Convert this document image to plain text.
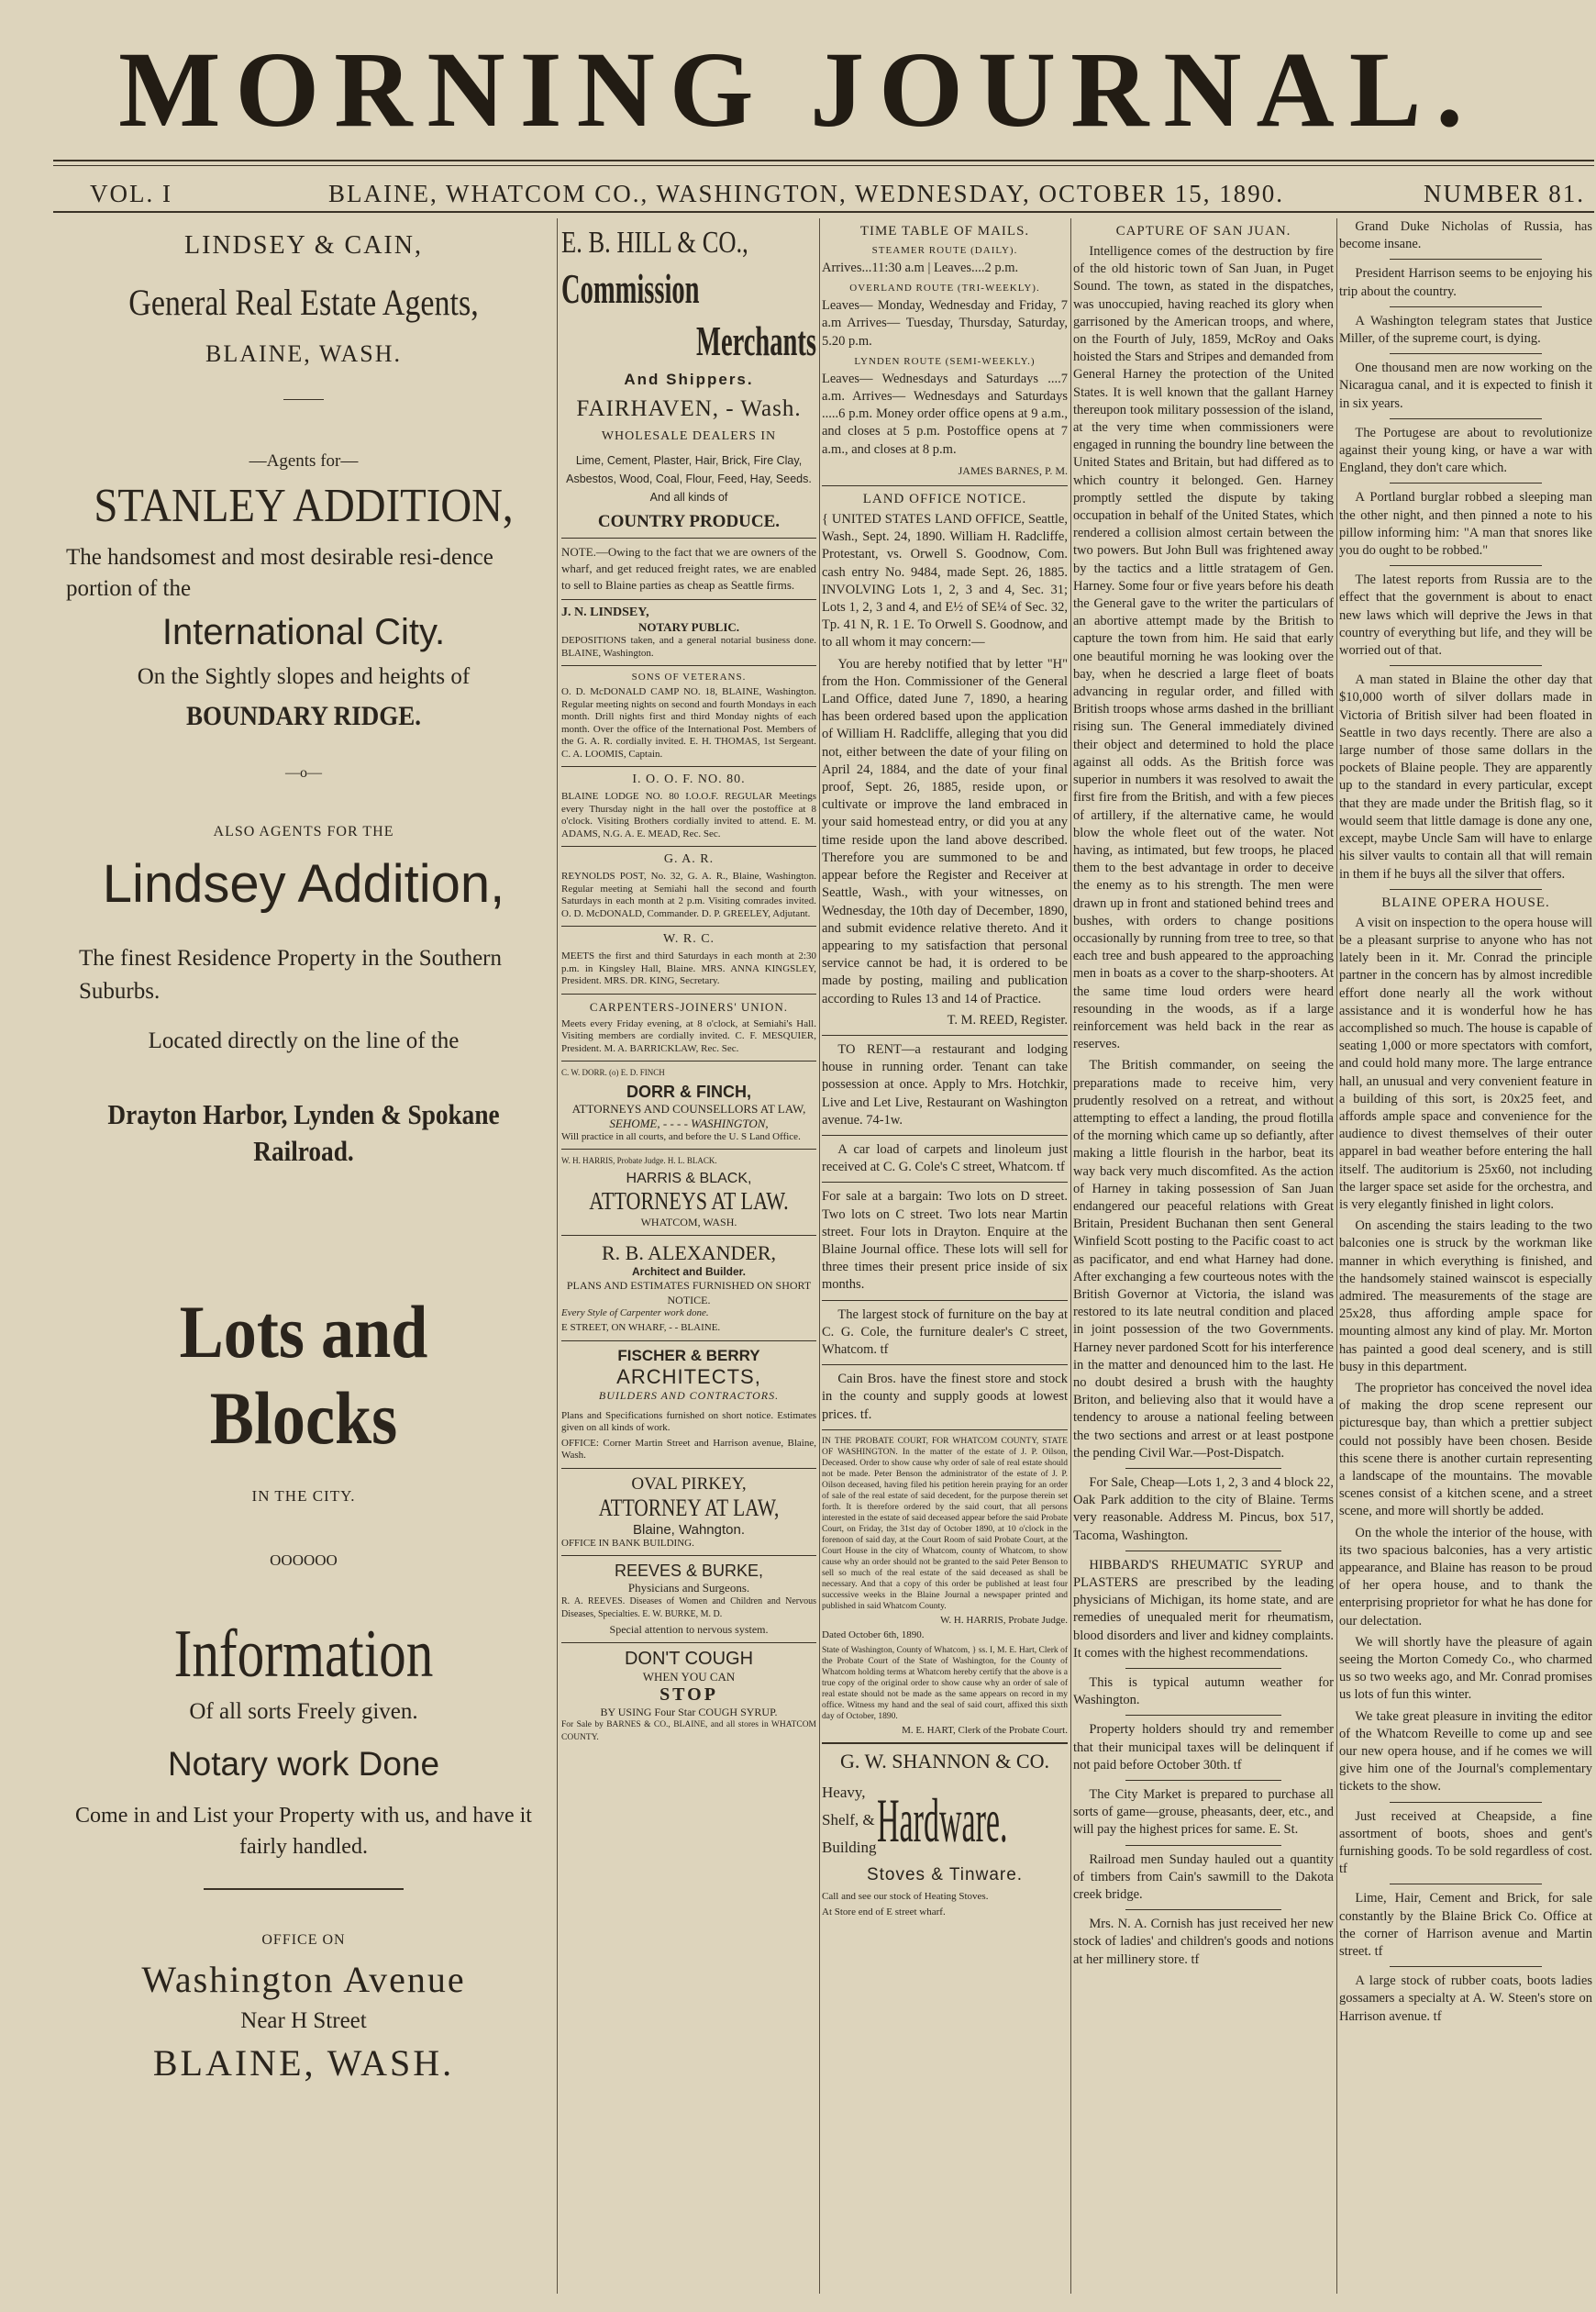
MORNING JOURNAL.
VOL. I	BLAINE, WHATCOM CO., WASHINGTON, WEDNESDAY, OCTOBER 15, 1890.	NUMBER 81.
LINDSEY & CAIN,
General Real Estate Agents,
BLAINE, WASH.
—Agents for—
STANLEY ADDITION,
The handsomest and most desirable resi-dence portion of the
International City.
On the Sightly slopes and heights of
BOUNDARY RIDGE.
—o—
ALSO AGENTS FOR THE
Lindsey Addition,
The finest Residence Property in the Southern Suburbs.
Located directly on the line of the
Drayton Harbor, Lynden & Spokane Railroad.
Lots and Blocks
IN THE CITY.
OOOOOO
Information
Of all sorts Freely given.
Notary work Done
Come in and List your Property with us, and have it fairly handled.
OFFICE ON
Washington Avenue
Near H Street
BLAINE, WASH.
E. B. HILL & CO.,
Commission
Merchants
And Shippers.
FAIRHAVEN, - Wash.
WHOLESALE DEALERS IN
Lime, Cement, Plaster, Hair, Brick, Fire Clay, Asbestos, Wood, Coal, Flour, Feed, Hay, Seeds. And all kinds of
COUNTRY PRODUCE.

NOTE.—Owing to the fact that we are owners of the wharf, and get reduced freight rates, we are enabled to sell to Blaine parties as cheap as Seattle firms.

J. N. LINDSEY,
NOTARY PUBLIC.

DEPOSITIONS taken, and a general notarial business done. BLAINE, Washington.

SONS OF VETERANS.

O. D. McDONALD CAMP NO. 18, BLAINE, Washington. Regular meeting nights on second and fourth Mondays in each month. Drill nights first and third Monday nights of each month. Over the office of the International Post. Members of the G. A. R. cordially invited. E. H. THOMAS, 1st Sergeant. C. A. LOOMIS, Captain.

I. O. O. F. NO. 80.

BLAINE LODGE NO. 80 I.O.O.F. REGULAR Meetings every Thursday night in the hall over the postoffice at 8 o'clock. Visiting Brothers cordially invited to attend. E. M. ADAMS, N.G. A. E. MEAD, Rec. Sec.

G. A. R.

REYNOLDS POST, No. 32, G. A. R., Blaine, Washington. Regular meeting at Semiahi hall the second and fourth Saturdays in each month at 2 p.m. Visiting comrades invited. O. D. McDONALD, Commander. D. P. GREELEY, Adjutant.

W. R. C.

MEETS the first and third Saturdays in each month at 2:30 p.m. in Kingsley Hall, Blaine. MRS. ANNA KINGSLEY, President. MRS. DR. KING, Secretary.

CARPENTERS-JOINERS' UNION.

Meets every Friday evening, at 8 o'clock, at Semiahi's Hall. Visiting members are cordially invited. C. F. MESQUIER, President. M. A. BARRICKLAW, Rec. Sec.

C. W. DORR. (o) E. D. FINCH
DORR & FINCH,
ATTORNEYS AND COUNSELLORS AT LAW,
SEHOME, - - - - WASHINGTON,

Will practice in all courts, and before the U. S Land Office.

W. H. HARRIS, Probate Judge. H. L. BLACK.
HARRIS & BLACK,
ATTORNEYS AT LAW.
WHATCOM, WASH.
R. B. ALEXANDER,
Architect and Builder.
PLANS AND ESTIMATES FURNISHED ON SHORT NOTICE.
Every Style of Carpenter work done.
E STREET, ON WHARF, - - BLAINE.
FISCHER & BERRY
ARCHITECTS,
BUILDERS AND CONTRACTORS.

Plans and Specifications furnished on short notice. Estimates given on all kinds of work.

OFFICE: Corner Martin Street and Harrison avenue, Blaine, Wash.

OVAL PIRKEY,
ATTORNEY AT LAW,
Blaine, Wahngton.
OFFICE IN BANK BUILDING.
REEVES & BURKE,
Physicians and Surgeons.

R. A. REEVES. Diseases of Women and Children and Nervous Diseases, Specialties. E. W. BURKE, M. D.

Special attention to nervous system.
DON'T COUGH
WHEN YOU CAN
STOP
BY USING Four Star COUGH SYRUP.

For Sale by BARNES & CO., BLAINE, and all stores in WHATCOM COUNTY.

TIME TABLE OF MAILS.
STEAMER ROUTE (DAILY).

Arrives...11:30 a.m | Leaves....2 p.m.

OVERLAND ROUTE (TRI-WEEKLY).

Leaves— Monday, Wednesday and Friday, 7 a.m Arrives— Tuesday, Thursday, Saturday, 5.20 p.m.

LYNDEN ROUTE (SEMI-WEEKLY.)

Leaves— Wednesdays and Saturdays ....7 a.m. Arrives— Wednesdays and Saturdays .....6 p.m. Money order office opens at 9 a.m., and closes at 5 p.m. Postoffice opens at 7 a.m., and closes at 8 p.m.

JAMES BARNES, P. M.
LAND OFFICE NOTICE.

{ UNITED STATES LAND OFFICE, Seattle, Wash., Sept. 24, 1890. William H. Radcliffe, Protestant, vs. Orwell S. Goodnow, Com. cash entry No. 9484, made Sept. 26, 1885. INVOLVING Lots 1, 2, 3 and 4, Sec. 31; Lots 1, 2, 3 and 4, and E½ of SE¼ of Sec. 32, Tp. 41 N, R. 1 E. To Orwell S. Goodnow, and to all whom it may concern:—

You are hereby notified that by letter "H" from the Hon. Commissioner of the General Land Office, dated June 7, 1890, a hearing has been ordered based upon the application of William H. Radcliffe, alleging that you did not, either between the date of your filing on April 24, 1884, and the date of your final proof, Sept. 26, 1885, reside upon, or cultivate or improve the land embraced in your said homestead entry, or did you at any time reside upon the land above described. Therefore you are summoned to be and appear before the Register and Receiver at Seattle, Wash., with your witnesses, on Wednesday, the 10th day of December, 1890, and submit evidence relative thereto. And it appearing to my satisfaction that personal service cannot be had, it is ordered to be made by posting, mailing and publication according to Rules 13 and 14 of Practice.

T. M. REED, Register.

TO RENT—a restaurant and lodging house in running order. Tenant can take possession at once. Apply to Mrs. Hotchkir, Live and Let Live, Restaurant on Washington avenue. 74-1w.

A car load of carpets and linoleum just received at C. G. Cole's C street, Whatcom. tf

For sale at a bargain: Two lots on D street. Two lots on C street. Two lots near Martin street. Four lots in Drayton. Enquire at the Blaine Journal office. These lots will sell for three times their present price inside of six months.

The largest stock of furniture on the bay at C. G. Cole, the furniture dealer's C street, Whatcom. tf

Cain Bros. have the finest store and stock in the county and supply goods at lowest prices. tf.

IN THE PROBATE COURT, FOR WHATCOM COUNTY, STATE OF WASHINGTON. In the matter of the estate of J. P. Oilson, Deceased. Order to show cause why order of sale of real estate should not be made. Peter Benson the administrator of the estate of J. P. Oilson deceased, having filed his petition herein praying for an order of sale of the real estate of said decedent, for the purpose therein set forth. It is therefore ordered by the said court, that all persons interested in the estate of said deceased appear before the said Probate Court, on Friday, the 31st day of October 1890, at 10 o'clock in the forenoon of said day, at the Court Room of said Probate Court, at the Court House in the city of Whatcom, county of Whatcom, to show cause why an order should not be granted to the said Peter Benson to sell so much of the real estate of the said deceased as shall be necessary. And that a copy of this order be published at least four successive weeks in the Blaine Journal a newspaper printed and published in said Whatcom County.

W. H. HARRIS, Probate Judge.
Dated October 6th, 1890.

State of Washington, County of Whatcom, } ss. I, M. E. Hart, Clerk of the Probate Court of the State of Washington, for the County of Whatcom holding terms at Whatcom hereby certify that the above is a true copy of the original order to show cause why an order of sale of real estate should not be made as the same appears on record in my office. Witness my hand and the seal of said court, affixed this sixth day of October, 1890.

M. E. HART, Clerk of the Probate Court.
G. W. SHANNON & CO.
Heavy, Shelf, & Building Hardware.
Stoves & Tinware.
Call and see our stock of Heating Stoves.
At Store end of E street wharf.
CAPTURE OF SAN JUAN.

Intelligence comes of the destruction by fire of the old historic town of San Juan, in Puget Sound. The town, as stated in the dispatches, was unoccupied, having reached its glory when garrisoned by the American troops, and where, on the Fourth of July, 1859, McRoy and Oaks hoisted the Stars and Stripes and demanded from General Harney the protection of the United States. It is well known that the gallant Harney thereupon took military possession of the island, at the very time when commissioners were engaged in running the boundry line between the United States and Britain, but had differed as to which country it belonged. Gen. Harney promptly settled the dispute by taking occupation in behalf of the United States, which rendered a collision almost certain between the two powers. But John Bull was frightened away by the tactics and a little stratagem of Gen. Harney. Some four or five years before his death the General gave to the writer the particulars of an abortive attempt made by the British to capture the town from him. He said that early one beautiful morning he was looking over the bay, when he descried a large fleet of boats advancing in regular order, and filled with British troops whose arms dashed in the brilliant rising sun. The General immediately divined their object and determined to hold the place against all odds. As the British force was superior in numbers it was resolved to await the first fire from the British, and with a few pieces of artillery, if the alternative came, he would blow the whole fleet out of the water. Not having, as intimated, but few troops, he placed them to the best advantage in order to deceive the enemy as to his strength. The men were drawn up in front and stationed behind trees and bushes, with orders to change positions occasionally by running from tree to tree, so that each tree and bush appeared to the approaching men in boats as a cover to the sharp-shooters. At the same time loud orders were heard resounding in the woods, as if a large reinforcement was held back in the rear as reserves.

The British commander, on seeing the preparations made to receive him, very prudently resolved on a retreat, and without attempting to effect a landing, the proud flotilla of the morning which came up so defiantly, after making a little flourish in the harbor, beat its way back very much discomfited. As the action of Harney in taking possession of San Juan endangered our peaceful relations with Great Britain, President Buchanan then sent General Winfield Scott posting to the Pacific coast to act as pacificator, and end what Harney had done. After exchanging a few courteous notes with the British Governor at Victoria, the island was restored to its late neutral condition and placed in joint possession of the two Governments. Harney never pardoned Scott for his interference in the matter and denounced him to the last. He no doubt desired a brush with the haughty Briton, and believing also that it would have a tendency to arouse a national feeling between the two sections and arrest or at least postpone the pending Civil War.—Post-Dispatch.

For Sale, Cheap—Lots 1, 2, 3 and 4 block 22, Oak Park addition to the city of Blaine. Terms very reasonable. Address M. Pincus, box 517, Tacoma, Washington.

HIBBARD'S RHEUMATIC SYRUP and PLASTERS are prescribed by the leading physicians of Michigan, its home state, and are remedies of unequaled merit for rheumatism, blood disorders and liver and kidney complaints. It comes with the highest recommendations.

This is typical autumn weather for Washington.

Property holders should try and remember that their municipal taxes will be delinquent if not paid before October 30th. tf

The City Market is prepared to purchase all sorts of game—grouse, pheasants, deer, etc., and will pay the highest prices for same. E. St.

Railroad men Sunday hauled out a quantity of timbers from Cain's sawmill to the Dakota creek bridge.

Mrs. N. A. Cornish has just received her new stock of ladies' and children's goods and notions at her millinery store. tf

Grand Duke Nicholas of Russia, has become insane.

President Harrison seems to be enjoying his trip about the country.

A Washington telegram states that Justice Miller, of the supreme court, is dying.

One thousand men are now working on the Nicaragua canal, and it is expected to finish it in six years.

The Portugese are about to revolutionize against their young king, or have a war with England, they don't care which.

A Portland burglar robbed a sleeping man the other night, and then pinned a note to his pillow informing him: "A man that snores like you do ought to be robbed."

The latest reports from Russia are to the effect that the government is about to enact new laws which will deprive the Jews in that country of everything but life, and they will be worried out of that.

A man stated in Blaine the other day that $10,000 worth of silver dollars made in Victoria of British silver had been floated in Seattle in two days recently. There are also a large number of those same dollars in the pockets of Blaine people. They are apparently up to the standard in every particular, except that they are made under the British flag, so it would seem that little damage is done any one, except, maybe Uncle Sam will have to enlarge his silver vaults to contain all that will remain in them if he buys all the silver that offers.

BLAINE OPERA HOUSE.

A visit on inspection to the opera house will be a pleasant surprise to anyone who has not lately been in it. Mr. Conrad the principle partner in the concern has by almost incredible effort done nearly all the work without assistance and it is wonderful how he has accomplished so much. The house is capable of seating 1,000 or more spectators with comfort, and could hold many more. The large entrance hall, an unusual and very convenient feature in a building of this sort, is 20x25 feet, and affords ample space and convenience for the audience to divest themselves of their outer apparel in bad weather before entering the hall itself. The auditorium is 25x60, not including the larger space set aside for the orchestra, and is very elegantly finished in light colors.

On ascending the stairs leading to the two balconies one is struck by the workman like manner in which everything is finished, and the handsomely stained wainscot is especially admired. The measurements of the stage are 25x28, thus affording ample space for mounting almost any kind of play. Mr. Morton has painted a good deal scenery, and is still busy in this department.

The proprietor has conceived the novel idea of making the drop scene represent our picturesque bay, than which a prettier subject could not possibly have been chosen. Beside this scene there is another curtain representing a landscape of the mountains. The movable scenes consist of a kitchen scene, and a street scene, and more will shortly be added.

On the whole the interior of the house, with its two spacious balconies, has a very artistic appearance, and Blaine has reason to be proud of her opera house, and to thank the enterprising proprietor for what he has done for our delectation.

We will shortly have the pleasure of again seeing the Morton Comedy Co., who charmed us so two weeks ago, and Mr. Conrad promises us lots of fun this winter.

We take great pleasure in inviting the editor of the Whatcom Reveille to come up and see our new opera house, and if he comes we will give him one of the Journal's complementary tickets to the show.

Just received at Cheapside, a fine assortment of boots, shoes and gent's furnishing goods. To be sold regardless of cost. tf

Lime, Hair, Cement and Brick, for sale constantly by the Blaine Brick Co. Office at the corner of Harrison avenue and Martin street. tf

A large stock of rubber coats, boots ladies gossamers a specialty at A. W. Steen's store on Harrison avenue. tf
